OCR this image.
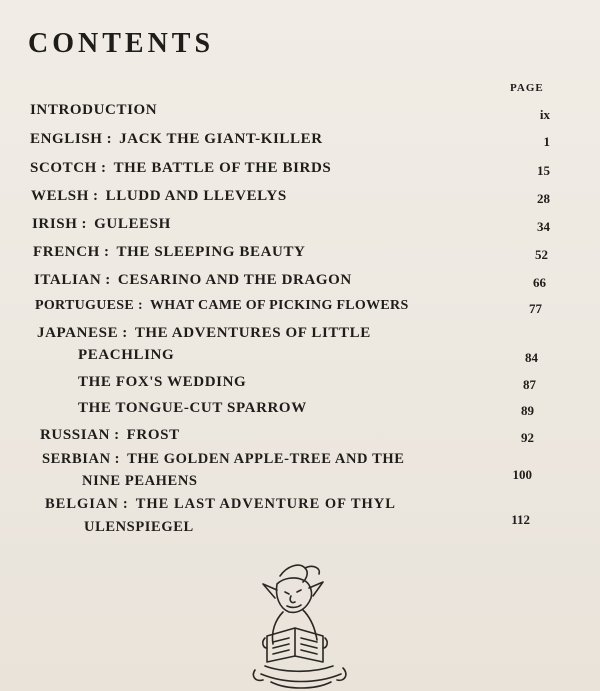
CONTENTS
PAGE
INTRODUCTION	ix
ENGLISH : JACK THE GIANT-KILLER	1
SCOTCH : THE BATTLE OF THE BIRDS	15
WELSH : LLUDD AND LLEVELYS	28
IRISH : GULEESH	34
FRENCH : THE SLEEPING BEAUTY	52
ITALIAN : CESARINO AND THE DRAGON	66
PORTUGUESE : WHAT CAME OF PICKING FLOWERS	77
JAPANESE : THE ADVENTURES OF LITTLE
PEACHLING	84
THE FOX'S WEDDING	87
THE TONGUE-CUT SPARROW	89
RUSSIAN : FROST	92
SERBIAN : THE GOLDEN APPLE-TREE AND THE
NINE PEAHENS	100
BELGIAN : THE LAST ADVENTURE OF THYL
ULENSPIEGEL	112
